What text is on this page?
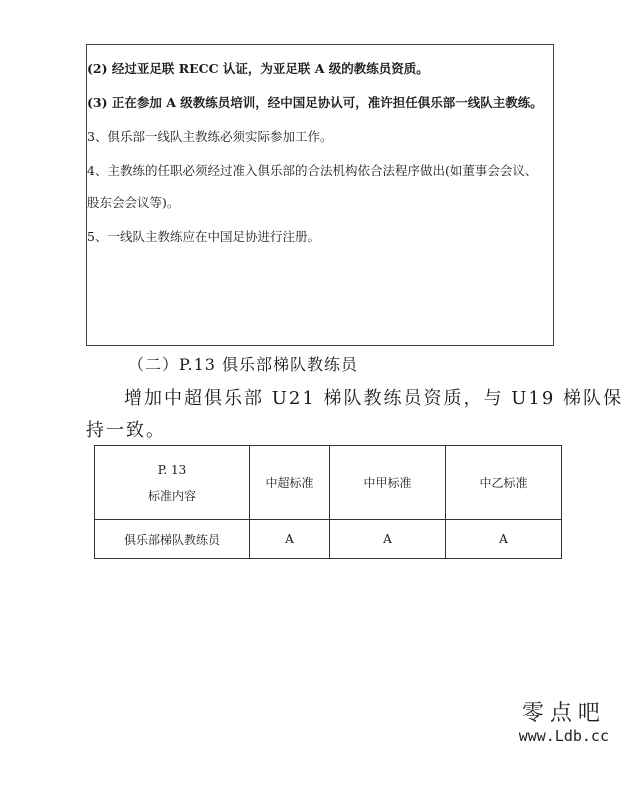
(2) 经过亚足联 RECC 认证，为亚足联 A 级的教练员资质。
(3) 正在参加 A 级教练员培训，经中国足协认可，准许担任俱乐部一线队主教练。
3、俱乐部一线队主教练必须实际参加工作。
4、主教练的任职必须经过准入俱乐部的合法机构依合法程序做出(如董事会会议、
股东会会议等)。
5、一线队主教练应在中国足协进行注册。
（二）P.13 俱乐部梯队教练员
增加中超俱乐部 U21 梯队教练员资质，与 U19 梯队保
持一致。
P. 13
标准内容	中超标准	中甲标准	中乙标准
俱乐部梯队教练员	A	A	A
零点吧
www.Ldb.cc
